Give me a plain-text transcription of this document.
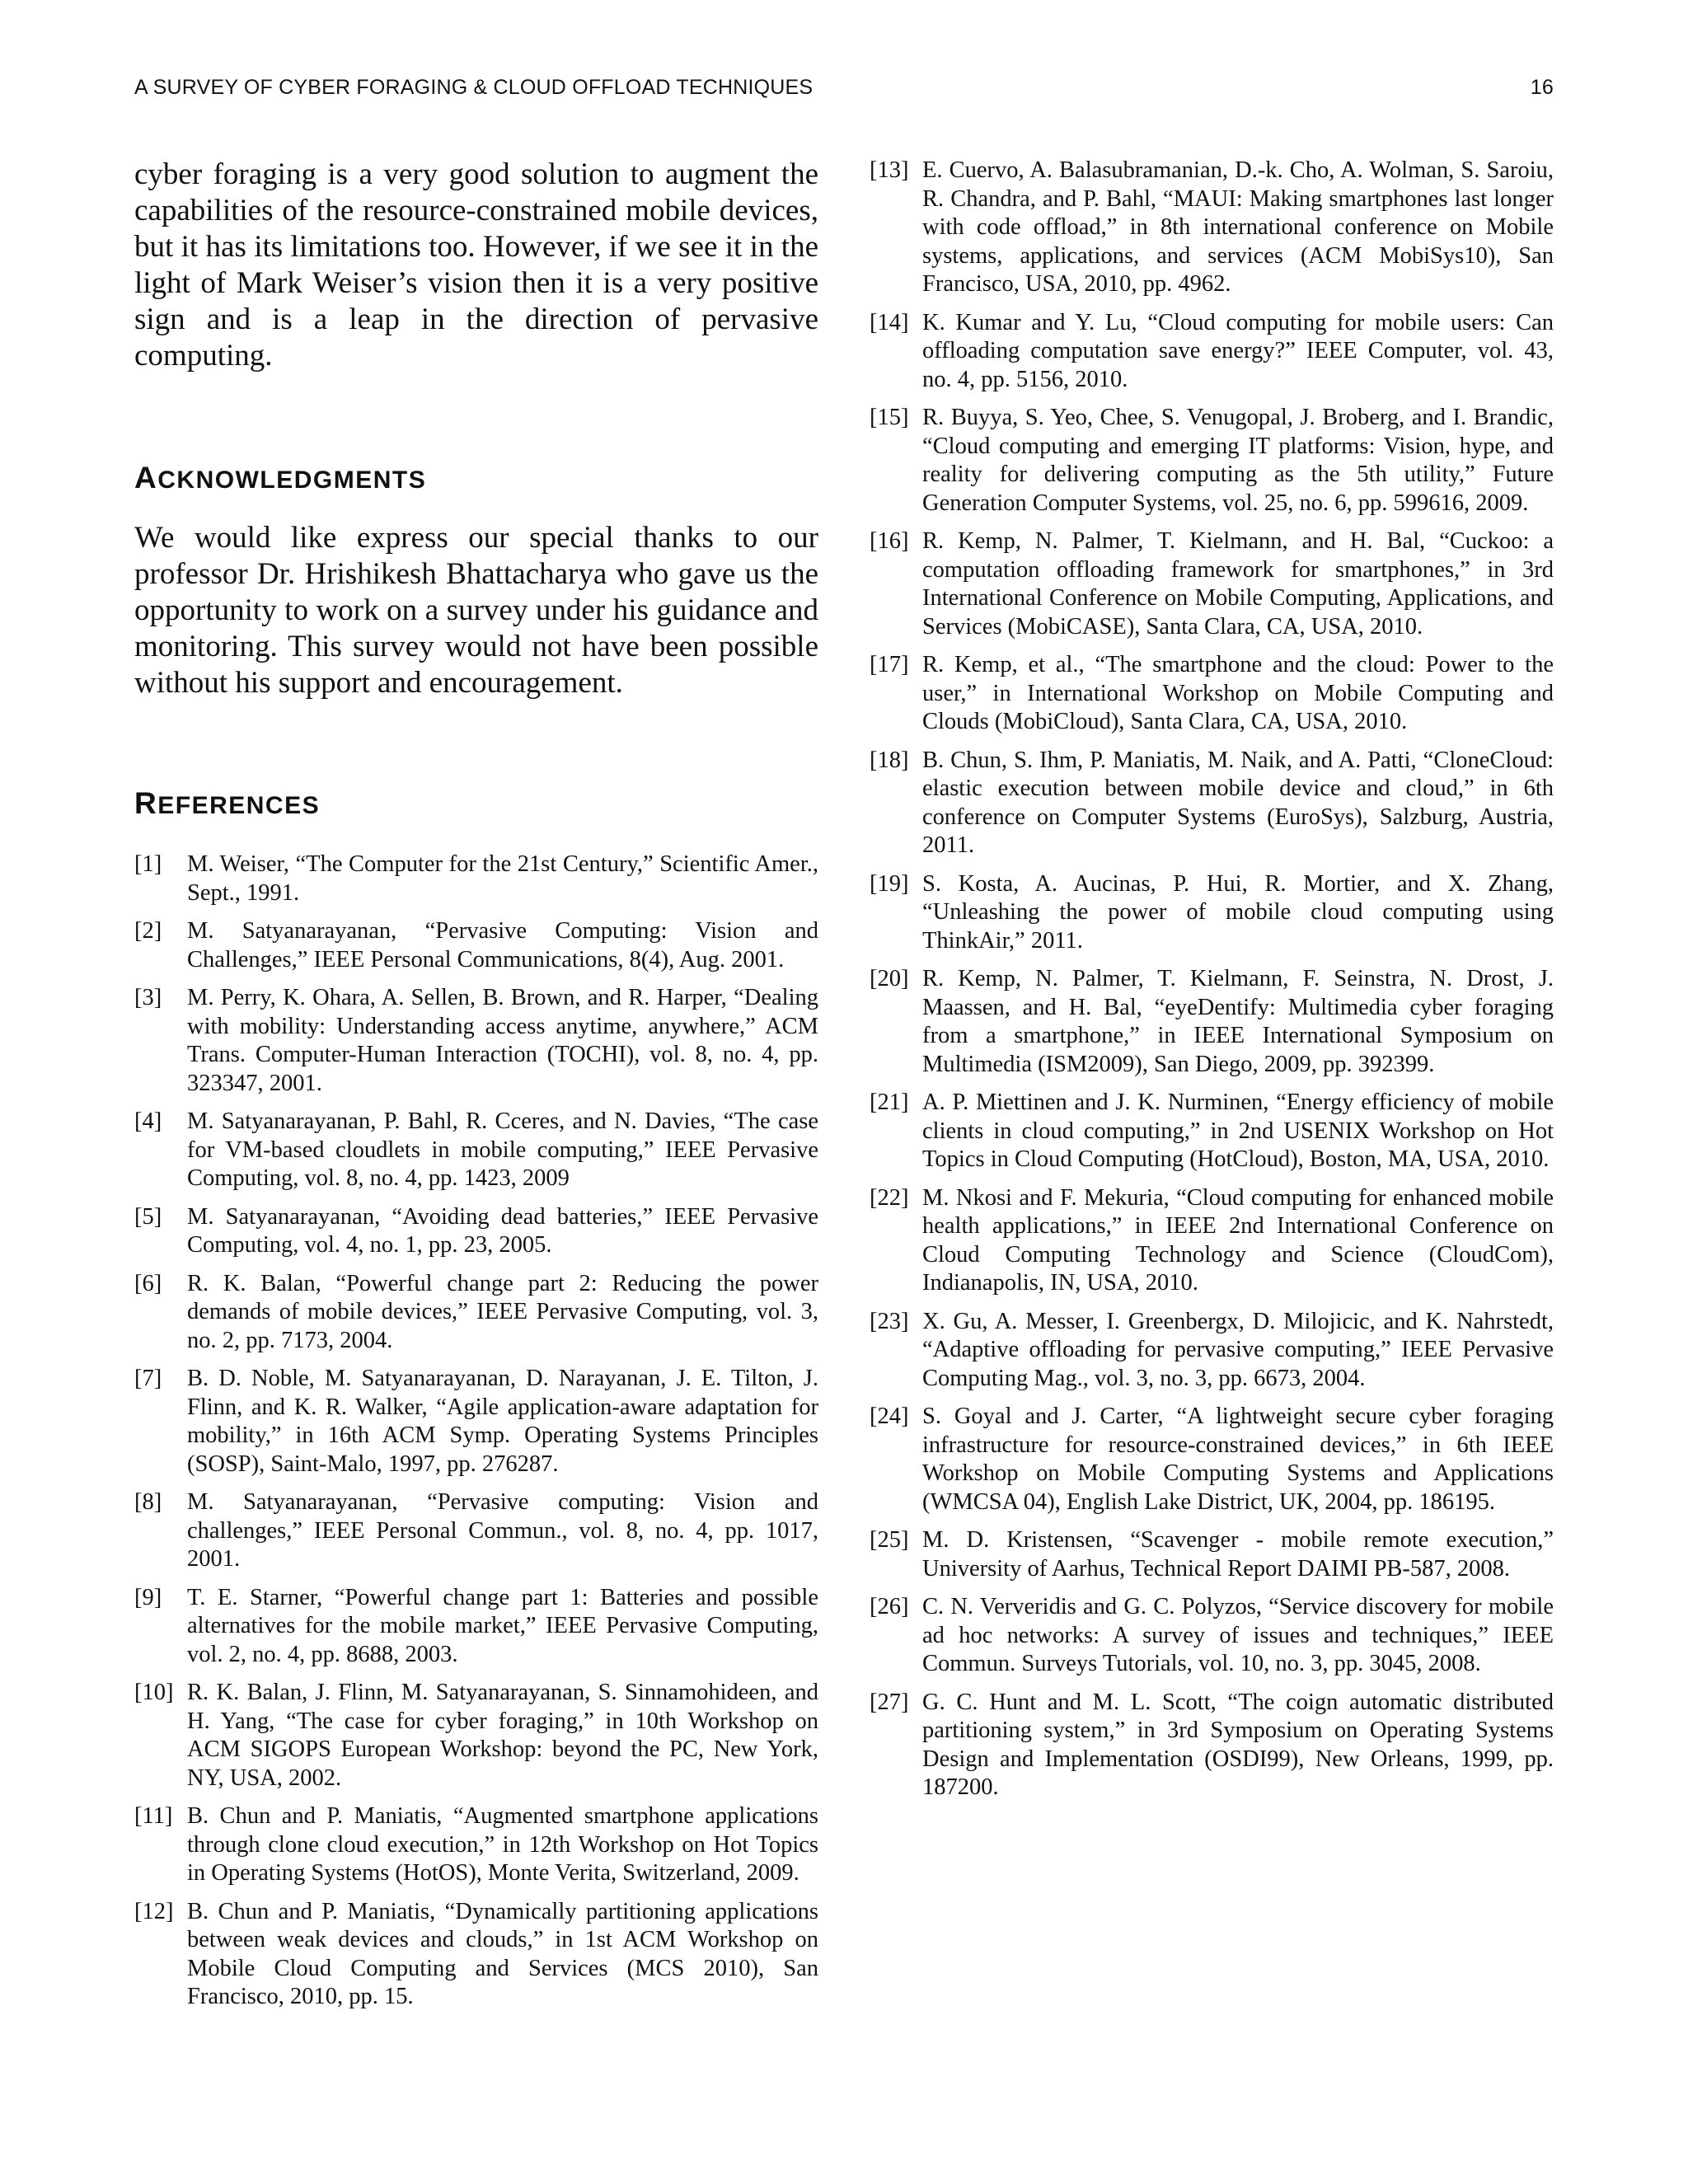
A SURVEY OF CYBER FORAGING & CLOUD OFFLOAD TECHNIQUES	16

cyber foraging is a very good solution to augment the capabilities of the resource-constrained mobile devices, but it has its limitations too. However, if we see it in the light of Mark Weiser’s vision then it is a very positive sign and is a leap in the direction of pervasive computing.

ACKNOWLEDGMENTS

We would like express our special thanks to our professor Dr. Hrishikesh Bhattacharya who gave us the opportunity to work on a survey under his guidance and monitoring. This survey would not have been possible without his support and encouragement.

REFERENCES
[1] M. Weiser, “The Computer for the 21st Century,” Scientific Amer., Sept., 1991.
[2] M. Satyanarayanan, “Pervasive Computing: Vision and Challenges,” IEEE Personal Communications, 8(4), Aug. 2001.
[3] M. Perry, K. Ohara, A. Sellen, B. Brown, and R. Harper, “Dealing with mobility: Understanding access anytime, anywhere,” ACM Trans. Computer-Human Interaction (TOCHI), vol. 8, no. 4, pp. 323347, 2001.
[4] M. Satyanarayanan, P. Bahl, R. Cceres, and N. Davies, “The case for VM-based cloudlets in mobile computing,” IEEE Pervasive Computing, vol. 8, no. 4, pp. 1423, 2009
[5] M. Satyanarayanan, “Avoiding dead batteries,” IEEE Pervasive Computing, vol. 4, no. 1, pp. 23, 2005.
[6] R. K. Balan, “Powerful change part 2: Reducing the power demands of mobile devices,” IEEE Pervasive Computing, vol. 3, no. 2, pp. 7173, 2004.
[7] B. D. Noble, M. Satyanarayanan, D. Narayanan, J. E. Tilton, J. Flinn, and K. R. Walker, “Agile application-aware adaptation for mobility,” in 16th ACM Symp. Operating Systems Principles (SOSP), Saint-Malo, 1997, pp. 276287.
[8] M. Satyanarayanan, “Pervasive computing: Vision and challenges,” IEEE Personal Commun., vol. 8, no. 4, pp. 1017, 2001.
[9] T. E. Starner, “Powerful change part 1: Batteries and possible alternatives for the mobile market,” IEEE Pervasive Computing, vol. 2, no. 4, pp. 8688, 2003.
[10] R. K. Balan, J. Flinn, M. Satyanarayanan, S. Sinnamohideen, and H. Yang, “The case for cyber foraging,” in 10th Workshop on ACM SIGOPS European Workshop: beyond the PC, New York, NY, USA, 2002.
[11] B. Chun and P. Maniatis, “Augmented smartphone applications through clone cloud execution,” in 12th Workshop on Hot Topics in Operating Systems (HotOS), Monte Verita, Switzerland, 2009.
[12] B. Chun and P. Maniatis, “Dynamically partitioning applications between weak devices and clouds,” in 1st ACM Workshop on Mobile Cloud Computing and Services (MCS 2010), San Francisco, 2010, pp. 15.
[13] E. Cuervo, A. Balasubramanian, D.-k. Cho, A. Wolman, S. Saroiu, R. Chandra, and P. Bahl, “MAUI: Making smartphones last longer with code offload,” in 8th international conference on Mobile systems, applications, and services (ACM MobiSys10), San Francisco, USA, 2010, pp. 4962.
[14] K. Kumar and Y. Lu, “Cloud computing for mobile users: Can offloading computation save energy?” IEEE Computer, vol. 43, no. 4, pp. 5156, 2010.
[15] R. Buyya, S. Yeo, Chee, S. Venugopal, J. Broberg, and I. Brandic, “Cloud computing and emerging IT platforms: Vision, hype, and reality for delivering computing as the 5th utility,” Future Generation Computer Systems, vol. 25, no. 6, pp. 599616, 2009.
[16] R. Kemp, N. Palmer, T. Kielmann, and H. Bal, “Cuckoo: a computation offloading framework for smartphones,” in 3rd International Conference on Mobile Computing, Applications, and Services (MobiCASE), Santa Clara, CA, USA, 2010.
[17] R. Kemp, et al., “The smartphone and the cloud: Power to the user,” in International Workshop on Mobile Computing and Clouds (MobiCloud), Santa Clara, CA, USA, 2010.
[18] B. Chun, S. Ihm, P. Maniatis, M. Naik, and A. Patti, “CloneCloud: elastic execution between mobile device and cloud,” in 6th conference on Computer Systems (EuroSys), Salzburg, Austria, 2011.
[19] S. Kosta, A. Aucinas, P. Hui, R. Mortier, and X. Zhang, “Unleashing the power of mobile cloud computing using ThinkAir,” 2011.
[20] R. Kemp, N. Palmer, T. Kielmann, F. Seinstra, N. Drost, J. Maassen, and H. Bal, “eyeDentify: Multimedia cyber foraging from a smartphone,” in IEEE International Symposium on Multimedia (ISM2009), San Diego, 2009, pp. 392399.
[21] A. P. Miettinen and J. K. Nurminen, “Energy efficiency of mobile clients in cloud computing,” in 2nd USENIX Workshop on Hot Topics in Cloud Computing (HotCloud), Boston, MA, USA, 2010.
[22] M. Nkosi and F. Mekuria, “Cloud computing for enhanced mobile health applications,” in IEEE 2nd International Conference on Cloud Computing Technology and Science (CloudCom), Indianapolis, IN, USA, 2010.
[23] X. Gu, A. Messer, I. Greenbergx, D. Milojicic, and K. Nahrstedt, “Adaptive offloading for pervasive computing,” IEEE Pervasive Computing Mag., vol. 3, no. 3, pp. 6673, 2004.
[24] S. Goyal and J. Carter, “A lightweight secure cyber foraging infrastructure for resource-constrained devices,” in 6th IEEE Workshop on Mobile Computing Systems and Applications (WMCSA 04), English Lake District, UK, 2004, pp. 186195.
[25] M. D. Kristensen, “Scavenger - mobile remote execution,” University of Aarhus, Technical Report DAIMI PB-587, 2008.
[26] C. N. Ververidis and G. C. Polyzos, “Service discovery for mobile ad hoc networks: A survey of issues and techniques,” IEEE Commun. Surveys Tutorials, vol. 10, no. 3, pp. 3045, 2008.
[27] G. C. Hunt and M. L. Scott, “The coign automatic distributed partitioning system,” in 3rd Symposium on Operating Systems Design and Implementation (OSDI99), New Orleans, 1999, pp. 187200.
